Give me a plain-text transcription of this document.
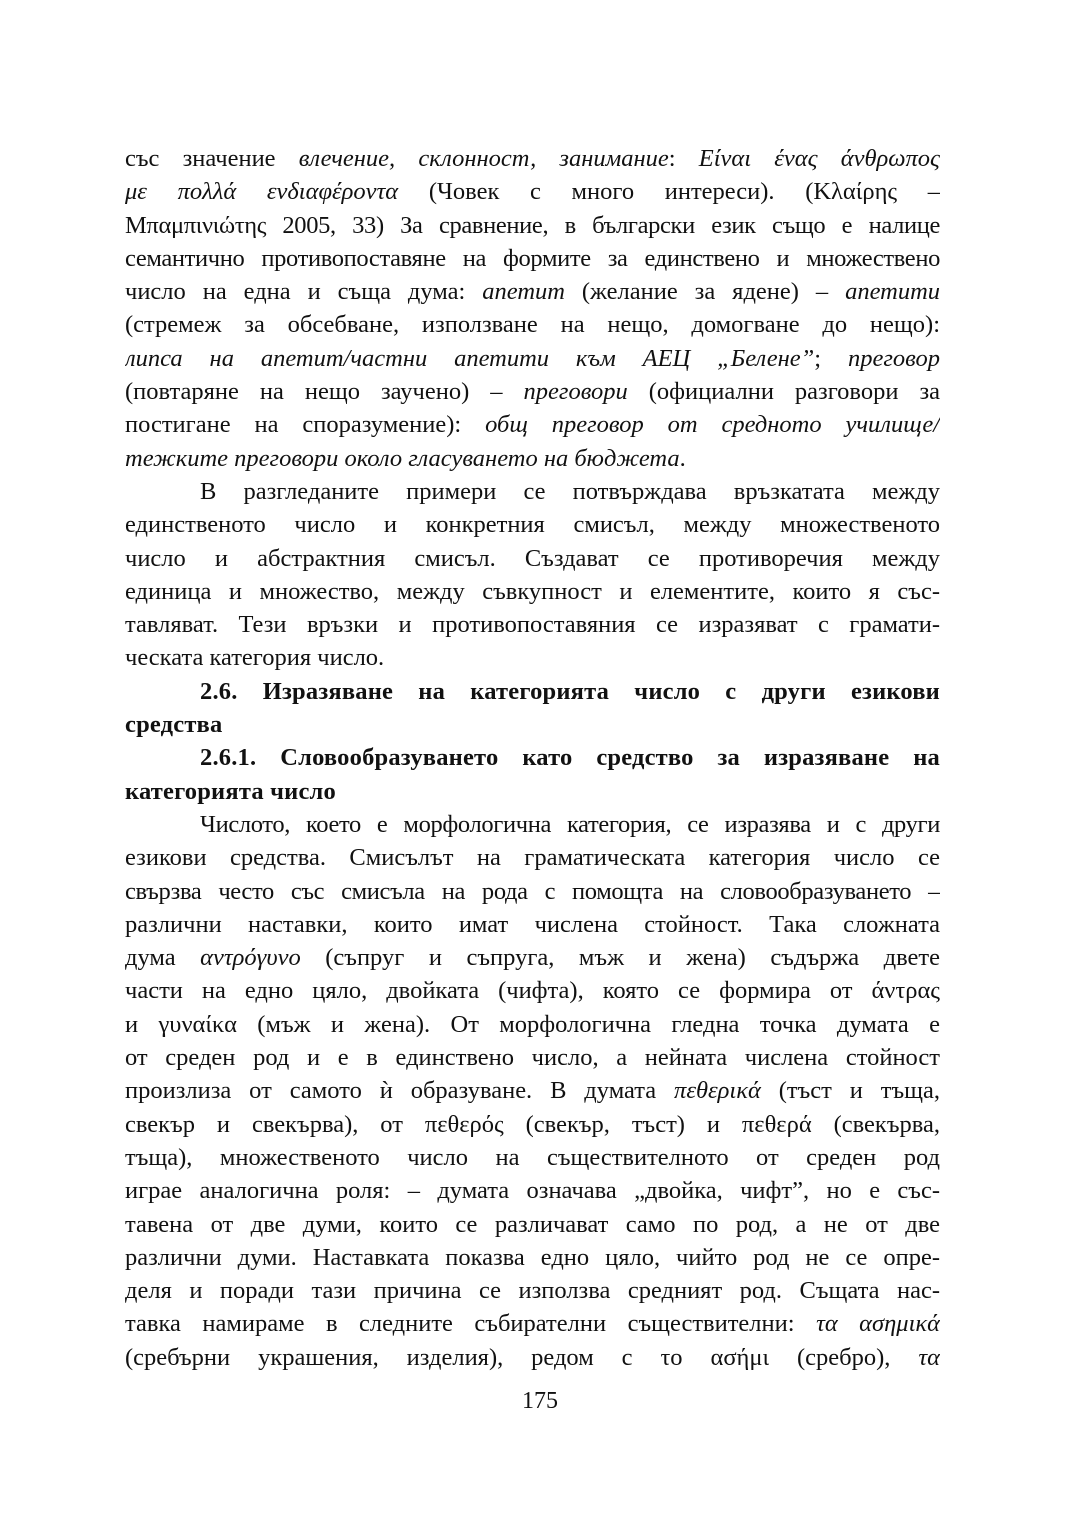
със значение влечение, склонност, занимание: Είναι ένας άνθρωπος
με πολλά ενδιαφέροντα (Човек с много интереси). (Κλαίρης –
Μπαμπινιώτης 2005, 33) За сравнение, в български език също е налице
семантично противопоставяне на формите за единствено и множествено
число на една и съща дума: апетит (желание за ядене) – апетити
(стремеж за обсебване, използване на нещо, домогване до нещо):
липса на апетит/частни апетити към АЕЦ „Белене”; преговор
(повтаряне на нещо заучено) – преговори (официални разговори за
постигане на споразумение): общ преговор от средното училище/
тежките преговори около гласуването на бюджета.
В разгледаните примери се потвърждава връзкатата между
единственото число и конкретния смисъл, между множественото
число и абстрактния смисъл. Създават се противоречия между
единица и множество, между съвкупност и елементите, които я със-
тавляват. Тези връзки и противопоставяния се изразяват с грамати-
ческата категория число.
2.6. Изразяване на категорията число с други езикови
средства
2.6.1. Словообразуването като средство за изразяване на
категорията число
Числото, което е морфологична категория, се изразява и с други
езикови средства. Смисълът на граматическата категория число се
свързва често със смисъла на рода с помощта на словообразуването –
различни наставки, които имат числена стойност. Така сложната
дума αντρόγυνο (съпруг и съпруга, мъж и жена) съдържа двете
части на едно цяло, двойката (чифта), която се формира от άντρας
и γυναίκα (мъж и жена). От морфологична гледна точка думата е
от среден род и е в единствено число, а нейната числена стойност
произлиза от самото ѝ образуване. В думата πεθερικά (тъст и тъща,
свекър и свекърва), от πεθερός (свекър, тъст) и πεθερά (свекърва,
тъща), множественото число на съществителното от среден род
играе аналогична роля: – думата означава „двойка, чифт”, но е със-
тавена от две думи, които се различават само по род, а не от две
различни думи. Наставката показва едно цяло, чийто род не се опре-
деля и поради тази причина се използва средният род. Същата нас-
тавка намираме в следните събирателни съществителни: τα ασημικά
(сребърни украшения, изделия), редом с το ασήμι (сребро), τα
175
